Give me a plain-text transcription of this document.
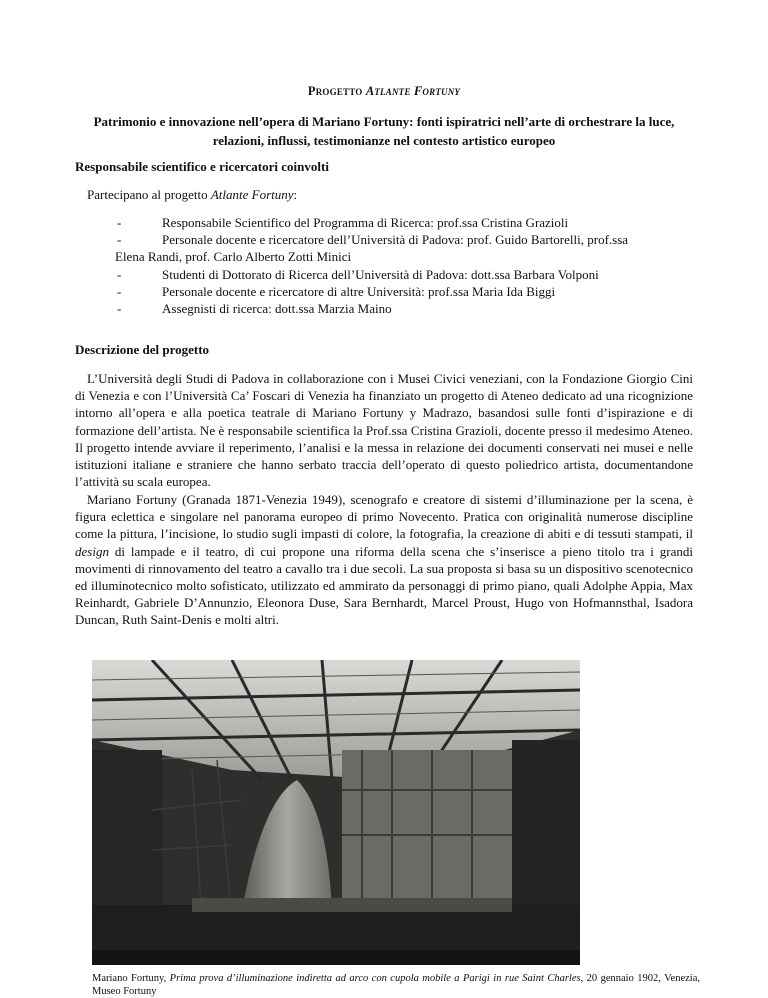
Progetto Atlante Fortuny
Patrimonio e innovazione nell’opera di Mariano Fortuny: fonti ispiratrici nell’arte di orchestrare la luce,
relazioni, influssi, testimonianze nel contesto artistico europeo
Responsabile scientifico e ricercatori coinvolti
Partecipano al progetto Atlante Fortuny:
-	Responsabile Scientifico del Programma di Ricerca: prof.ssa Cristina Grazioli
-	Personale docente e ricercatore dell’Università di Padova: prof. Guido Bartorelli, prof.ssa
Elena Randi, prof. Carlo Alberto Zotti Minici
-	Studenti di Dottorato di Ricerca dell’Università di Padova: dott.ssa Barbara Volponi
-	Personale docente e ricercatore di altre Università: prof.ssa Maria Ida Biggi
-	Assegnisti di ricerca: dott.ssa Marzia Maino
Descrizione del progetto
L’Università degli Studi di Padova in collaborazione con i Musei Civici veneziani, con la Fondazione Giorgio Cini di Venezia e con l’Università Ca’ Foscari di Venezia ha finanziato un progetto di Ateneo dedicato ad una ricognizione intorno all’opera e alla poetica teatrale di Mariano Fortuny y Madrazo, basandosi sulle fonti d’ispirazione e di formazione dell’artista. Ne è responsabile scientifica la Prof.ssa Cristina Grazioli, docente presso il medesimo Ateneo. Il progetto intende avviare il reperimento, l’analisi e la messa in relazione dei documenti conservati nei musei e nelle istituzioni italiane e straniere che hanno serbato traccia dell’operato di questo poliedrico artista, documentandone l’attività su scala europea.
Mariano Fortuny (Granada 1871-Venezia 1949), scenografo e creatore di sistemi d’illuminazione per la scena, è figura eclettica e singolare nel panorama europeo di primo Novecento. Pratica con originalità numerose discipline come la pittura, l’incisione, lo studio sugli impasti di colore, la fotografia, la creazione di abiti e di tessuti stampati, il design di lampade e il teatro, di cui propone una riforma della scena che s’inserisce a pieno titolo tra i grandi movimenti di rinnovamento del teatro a cavallo tra i due secoli. La sua proposta si basa su un dispositivo scenotecnico ed illuminotecnico molto sofisticato, utilizzato ed ammirato da personaggi di primo piano, quali Adolphe Appia, Max Reinhardt, Gabriele D’Annunzio, Eleonora Duse, Sara Bernhardt, Marcel Proust, Hugo von Hofmannsthal, Isadora Duncan, Ruth Saint-Denis e molti altri.
Mariano Fortuny, Prima prova d’illuminazione indiretta ad arco con cupola mobile a Parigi in rue Saint Charles, 20 gennaio 1902, Venezia, Museo Fortuny
